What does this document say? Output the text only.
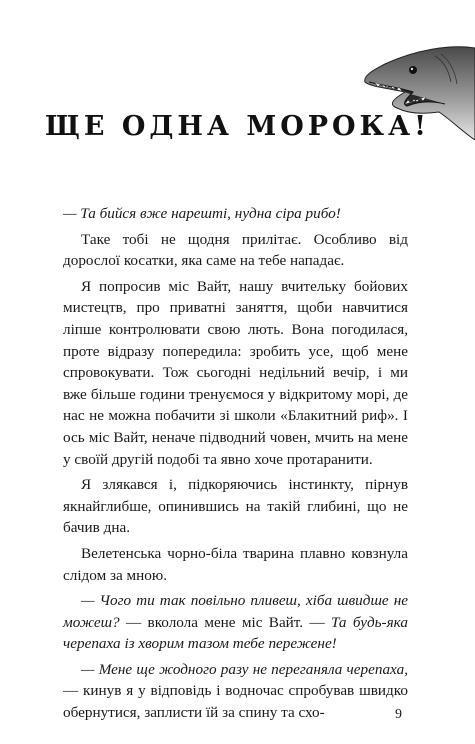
ЩЕ ОДНА МОРОКА!

— Та бийся вже нарешті, нудна сіра рибо!

Таке тобі не щодня прилітає. Особливо від дорослої косатки, яка саме на тебе нападає.

Я попросив міс Вайт, нашу вчительку бойових мистецтв, про приватні заняття, щоби навчитися ліпше контролювати свою лють. Вона погодилася, проте відразу попередила: зробить усе, щоб мене спровокувати. Тож сьогодні недільний вечір, і ми вже більше години тренуємося у відкритому морі, де нас не можна побачити зі школи «Блакитний риф». І ось міс Вайт, неначе підводний човен, мчить на мене у своїй другій подобі та явно хоче протаранити.

Я злякався і, підкоряючись інстинкту, пірнув якнайглибше, опинившись на такій глибині, що не бачив дна.

Велетенська чорно-біла тварина плавно ковзнула слідом за мною.

— Чого ти так повільно пливеш, хіба швидше не можеш? — вколола мене міс Вайт. — Та будь-яка черепаха із хворим тазом тебе пережене!

— Мене ще жодного разу не переганяла черепаха, — кинув я у відповідь і водночас спробував швидко обернутися, заплисти їй за спину та схо-	9
